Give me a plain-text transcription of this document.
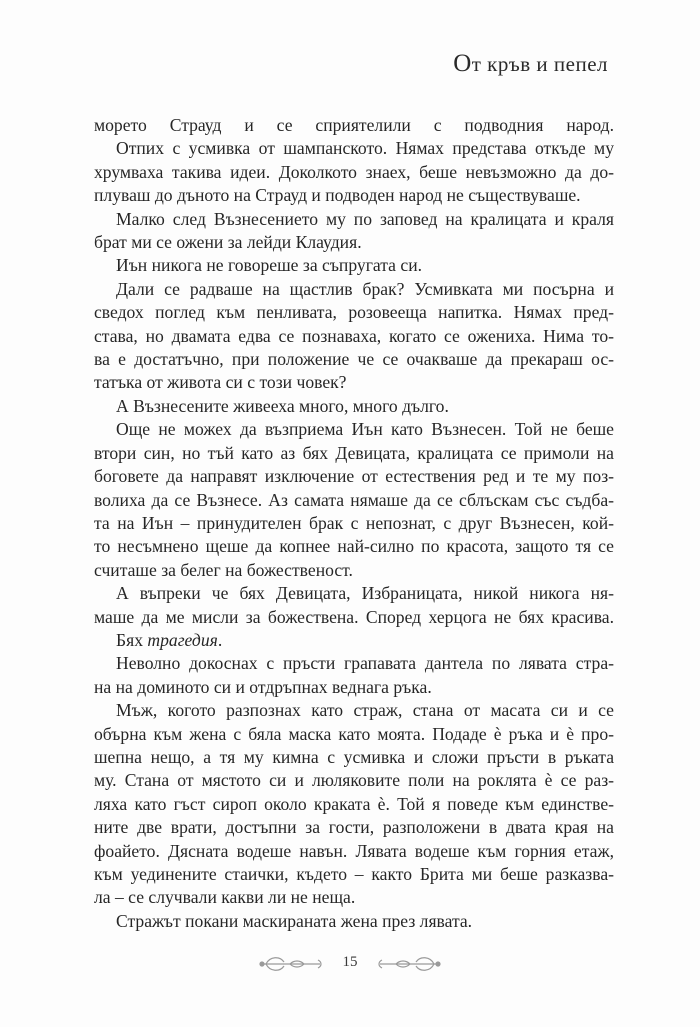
От кръв и пепел

морето Страуд и се сприятелили с подводния народ.

Отпих с усмивка от шампанското. Нямах представа откъде му

хрумваха такива идеи. Доколкото знаех, беше невъзможно да до-

плуваш до дъното на Страуд и подводен народ не съществуваше.

Малко след Възнесението му по заповед на кралицата и краля

брат ми се ожени за лейди Клаудия.

Иън никога не говореше за съпругата си.

Дали се радваше на щастлив брак? Усмивката ми посърна и

сведох поглед към пенливата, розовееща напитка. Нямах пред-

става, но двамата едва се познаваха, когато се ожениха. Нима то-

ва е достатъчно, при положение че се очакваше да прекараш ос-

татъка от живота си с този човек?

А Възнесените живееха много, много дълго.

Още не можех да възприема Иън като Възнесен. Той не беше

втори син, но тъй като аз бях Девицата, кралицата се примоли на

боговете да направят изключение от естествения ред и те му поз-

волиха да се Възнесе. Аз самата нямаше да се сблъскам със съдба-

та на Иън – принудителен брак с непознат, с друг Възнесен, кой-

то несъмнено щеше да копнее най-силно по красота, защото тя се

считаше за белег на божественост.

А въпреки че бях Девицата, Избраницата, никой никога ня-

маше да ме мисли за божествена. Според херцога не бях красива.

Бях трагедия.

Неволно докоснах с пръсти грапавата дантела по лявата стра-

на на доминото си и отдръпнах веднага ръка.

Мъж, когото разпознах като страж, стана от масата си и се

обърна към жена с бяла маска като моята. Подаде ѐ ръка и ѐ про-

шепна нещо, а тя му кимна с усмивка и сложи пръсти в ръката

му. Стана от мястото си и люляковите поли на роклята ѐ се раз-

ляха като гъст сироп около краката ѐ. Той я поведе към единстве-

ните две врати, достъпни за гости, разположени в двата края на

фоайето. Дясната водеше навън. Лявата водеше към горния етаж,

към уединените стаички, където – както Брита ми беше разказва-

ла – се случвали какви ли не неща.

Стражът покани маскираната жена през лявата.

15
